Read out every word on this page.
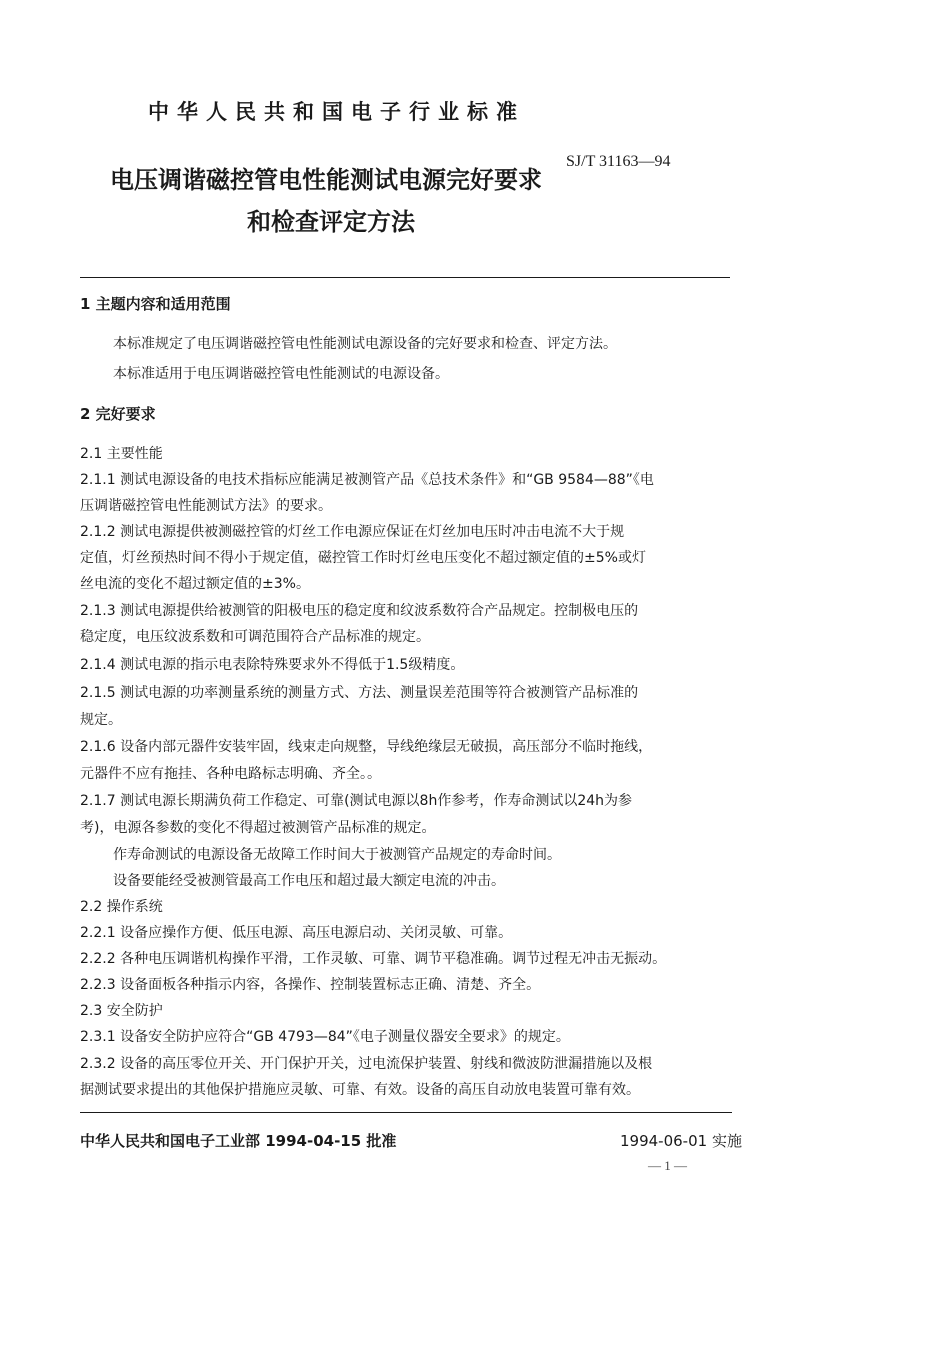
中华人民共和国电子行业标准
SJ/T 31163—94
电压调谐磁控管电性能测试电源完好要求
和检查评定方法
1 主题内容和适用范围
本标准规定了电压调谐磁控管电性能测试电源设备的完好要求和检查、评定方法。
本标准适用于电压调谐磁控管电性能测试的电源设备。
2 完好要求
2.1 主要性能
2.1.1 测试电源设备的电技术指标应能满足被测管产品《总技术条件》和“GB 9584—88”《电
压调谐磁控管电性能测试方法》的要求。
2.1.2 测试电源提供被测磁控管的灯丝工作电源应保证在灯丝加电压时冲击电流不大于规
定值，灯丝预热时间不得小于规定值，磁控管工作时灯丝电压变化不超过额定值的±5%或灯
丝电流的变化不超过额定值的±3%。
2.1.3 测试电源提供给被测管的阳极电压的稳定度和纹波系数符合产品规定。控制极电压的
稳定度，电压纹波系数和可调范围符合产品标准的规定。
2.1.4 测试电源的指示电表除特殊要求外不得低于1.5级精度。
2.1.5 测试电源的功率测量系统的测量方式、方法、测量误差范围等符合被测管产品标准的
规定。
2.1.6 设备内部元器件安装牢固，线束走向规整，导线绝缘层无破损，高压部分不临时拖线，
元器件不应有拖挂、各种电路标志明确、齐全。。
2.1.7 测试电源长期满负荷工作稳定、可靠(测试电源以8h作参考，作寿命测试以24h为参
考)，电源各参数的变化不得超过被测管产品标准的规定。
作寿命测试的电源设备无故障工作时间大于被测管产品规定的寿命时间。
设备要能经受被测管最高工作电压和超过最大额定电流的冲击。
2.2 操作系统
2.2.1 设备应操作方便、低压电源、高压电源启动、关闭灵敏、可靠。
2.2.2 各种电压调谐机构操作平滑，工作灵敏、可靠、调节平稳准确。调节过程无冲击无振动。
2.2.3 设备面板各种指示内容，各操作、控制装置标志正确、清楚、齐全。
2.3 安全防护
2.3.1 设备安全防护应符合“GB 4793—84”《电子测量仪器安全要求》的规定。
2.3.2 设备的高压零位开关、开门保护开关，过电流保护装置、射线和微波防泄漏措施以及根
据测试要求提出的其他保护措施应灵敏、可靠、有效。设备的高压自动放电装置可靠有效。
中华人民共和国电子工业部 1994-04-15 批准	1994-06-01 实施
— 1 —
